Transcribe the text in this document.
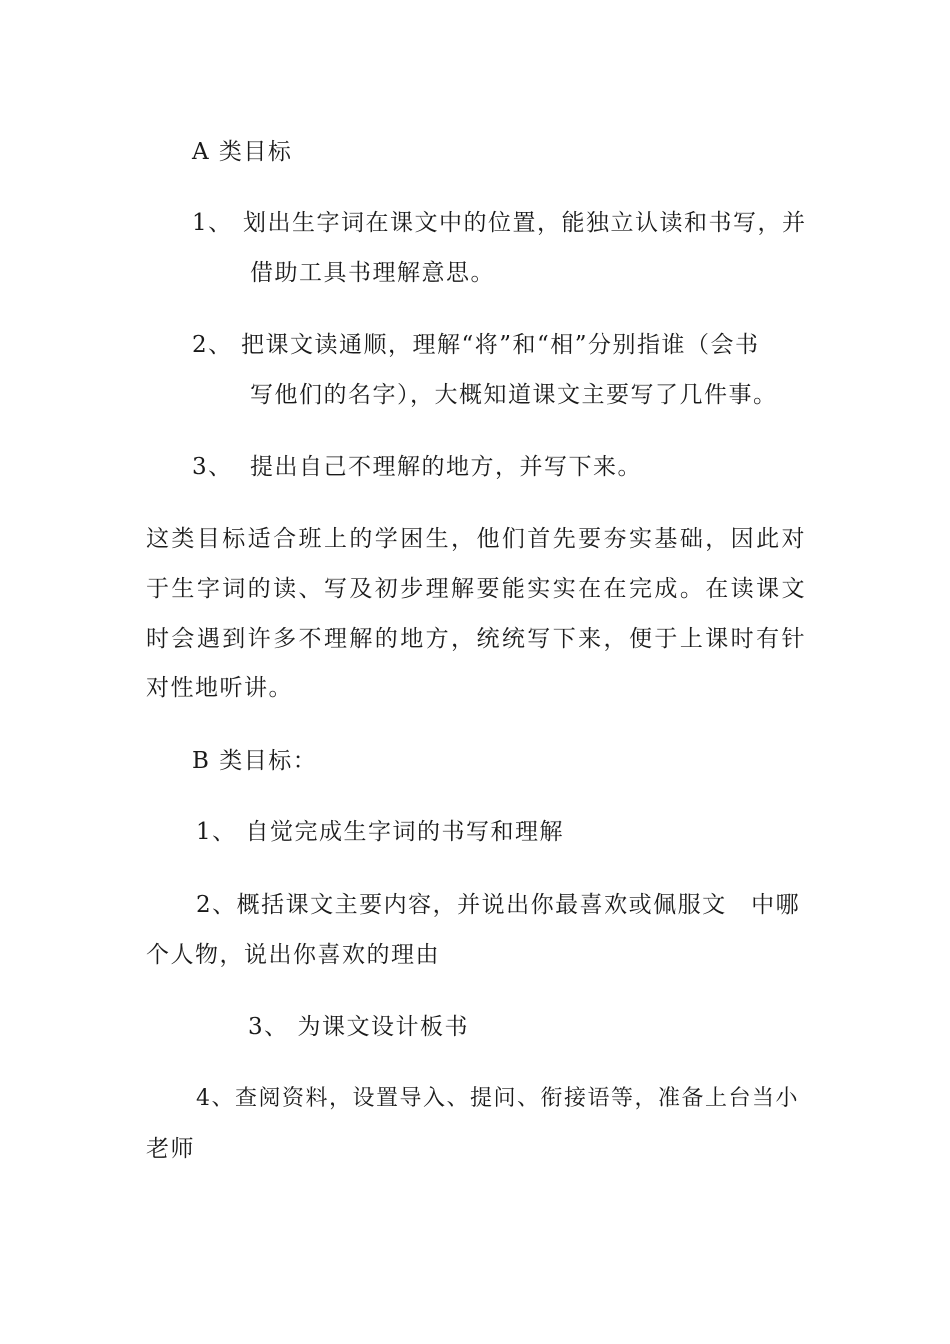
A 类目标

1、 划出生字词在课文中的位置，能独立认读和书写，并

借助工具书理解意思。

2、 把课文读通顺，理解“将”和“相”分别指谁（会书

写他们的名字），大概知道课文主要写了几件事。

3、 提出自己不理解的地方，并写下来。

这类目标适合班上的学困生，他们首先要夯实基础，因此对

于生字词的读、写及初步理解要能实实在在完成。在读课文

时会遇到许多不理解的地方，统统写下来，便于上课时有针

对性地听讲。

B 类目标：

1、 自觉完成生字词的书写和理解

2、概括课文主要内容，并说出你最喜欢或佩服文　中哪

个人物，说出你喜欢的理由

3、 为课文设计板书

4、查阅资料，设置导入、提问、衔接语等，准备上台当小

老师
